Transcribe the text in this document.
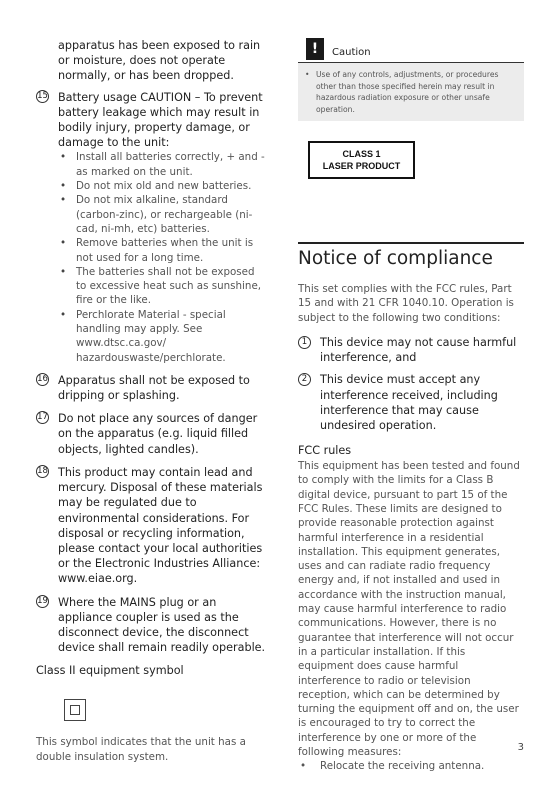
apparatus has been exposed to rain or moisture, does not operate normally, or has been dropped.
15 Battery usage CAUTION – To prevent battery leakage which may result in bodily injury, property damage, or damage to the unit:
• Install all batteries correctly, + and - as marked on the unit.
• Do not mix old and new batteries.
• Do not mix alkaline, standard (carbon-zinc), or rechargeable (ni-cad, ni-mh, etc) batteries.
• Remove batteries when the unit is not used for a long time.
• The batteries shall not be exposed to excessive heat such as sunshine, fire or the like.
• Perchlorate Material - special handling may apply. See www.dtsc.ca.gov/ hazardouswaste/perchlorate.
16 Apparatus shall not be exposed to dripping or splashing.
17 Do not place any sources of danger on the apparatus (e.g. liquid filled objects, lighted candles).
18 This product may contain lead and mercury. Disposal of these materials may be regulated due to environmental considerations. For disposal or recycling information, please contact your local authorities or the Electronic Industries Alliance: www.eiae.org.
19 Where the MAINS plug or an appliance coupler is used as the disconnect device, the disconnect device shall remain readily operable.
Class II equipment symbol
This symbol indicates that the unit has a double insulation system.
!	Caution
• Use of any controls, adjustments, or procedures other than those specified herein may result in hazardous radiation exposure or other unsafe operation.
CLASS 1
LASER PRODUCT
Notice of compliance
This set complies with the FCC rules, Part 15 and with 21 CFR 1040.10. Operation is subject to the following two conditions:
1	This device may not cause harmful interference, and
2	This device must accept any interference received, including interference that may cause undesired operation.
FCC rules
This equipment has been tested and found to comply with the limits for a Class B digital device, pursuant to part 15 of the FCC Rules. These limits are designed to provide reasonable protection against harmful interference in a residential installation. This equipment generates, uses and can radiate radio frequency energy and, if not installed and used in accordance with the instruction manual, may cause harmful interference to radio communications. However, there is no guarantee that interference will not occur in a particular installation. If this equipment does cause harmful interference to radio or television reception, which can be determined by turning the equipment off and on, the user is encouraged to try to correct the interference by one or more of the following measures:
• Relocate the receiving antenna.
3
